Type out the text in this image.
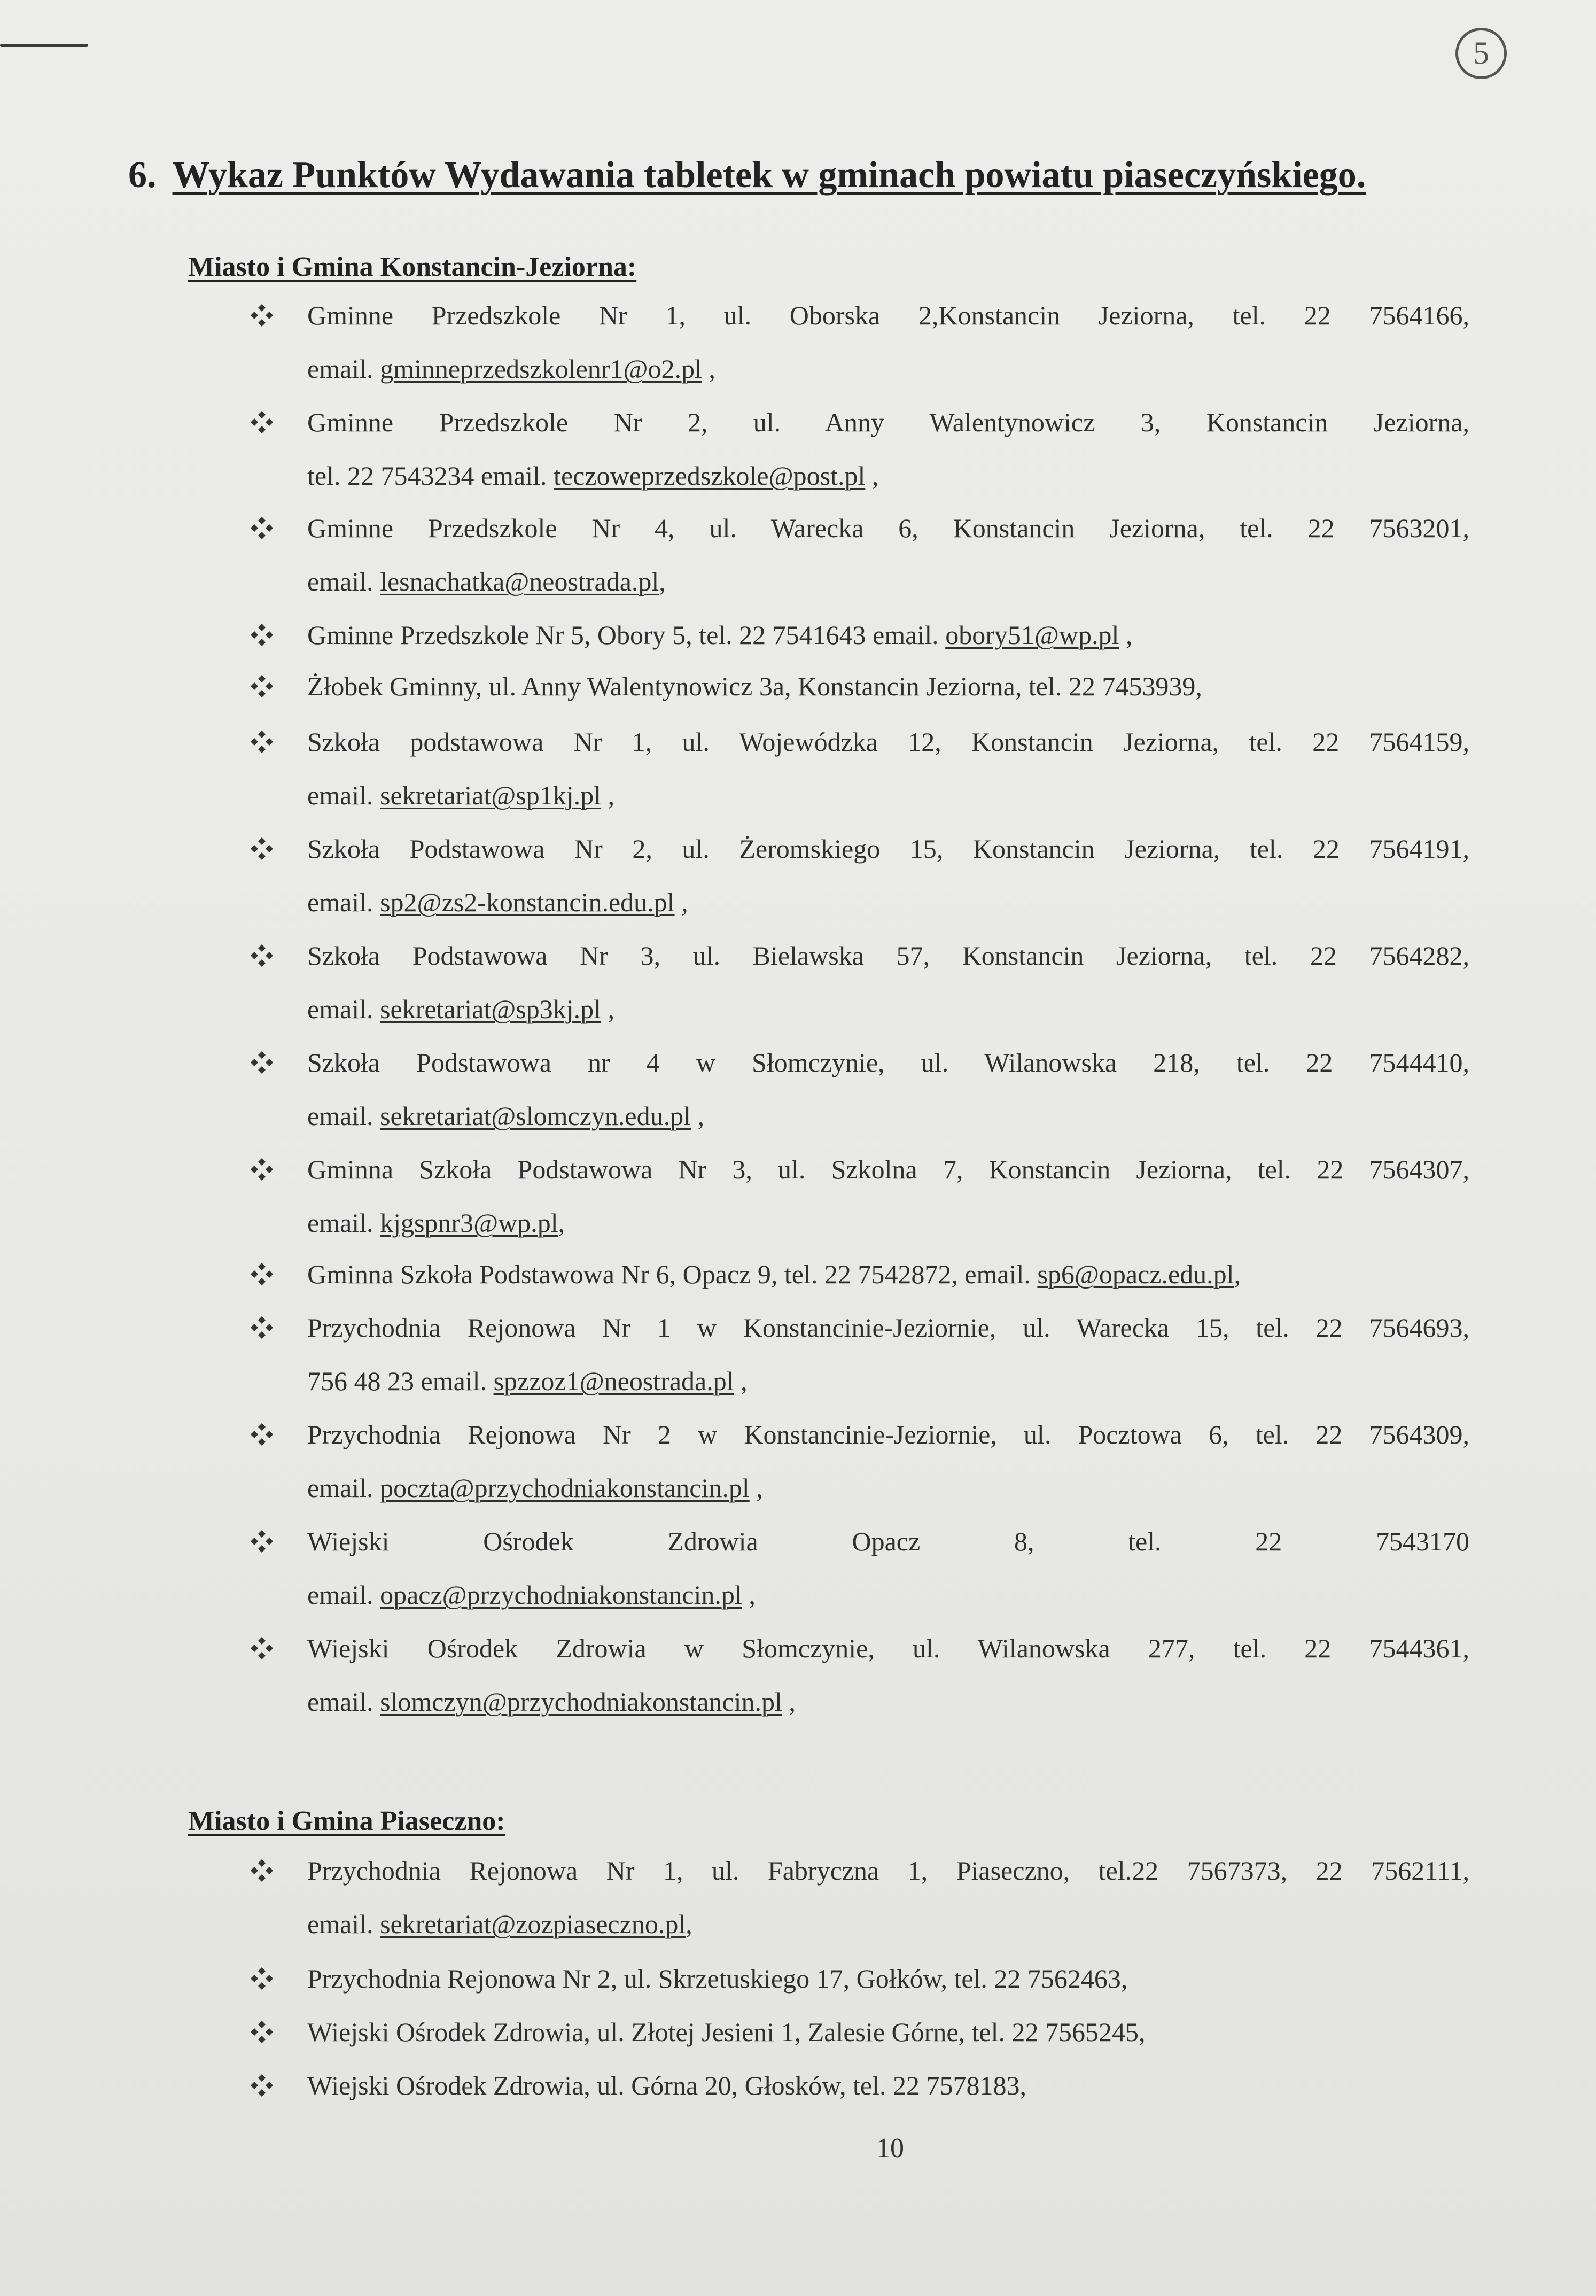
5
6. Wykaz Punktów Wydawania tabletek w gminach powiatu piaseczyńskiego.
Miasto i Gmina Konstancin-Jeziorna:
Gminne Przedszkole Nr 1, ul. Oborska 2,Konstancin Jeziorna, tel. 22 7564166,
email. gminneprzedszkolenr1@o2.pl ,
Gminne Przedszkole Nr 2, ul. Anny Walentynowicz 3, Konstancin Jeziorna,
tel. 22 7543234 email. teczoweprzedszkole@post.pl ,
Gminne Przedszkole Nr 4, ul. Warecka 6, Konstancin Jeziorna, tel. 22 7563201,
email. lesnachatka@neostrada.pl,
Gminne Przedszkole Nr 5, Obory 5, tel. 22 7541643 email. obory51@wp.pl ,
Żłobek Gminny, ul. Anny Walentynowicz 3a, Konstancin Jeziorna, tel. 22 7453939,
Szkoła podstawowa Nr 1, ul. Wojewódzka 12, Konstancin Jeziorna, tel. 22 7564159,
email. sekretariat@sp1kj.pl ,
Szkoła Podstawowa Nr 2, ul. Żeromskiego 15, Konstancin Jeziorna, tel. 22 7564191,
email. sp2@zs2-konstancin.edu.pl ,
Szkoła Podstawowa Nr 3, ul. Bielawska 57, Konstancin Jeziorna, tel. 22 7564282,
email. sekretariat@sp3kj.pl ,
Szkoła Podstawowa nr 4 w Słomczynie, ul. Wilanowska 218, tel. 22 7544410,
email. sekretariat@slomczyn.edu.pl ,
Gminna Szkoła Podstawowa Nr 3, ul. Szkolna 7, Konstancin Jeziorna, tel. 22 7564307,
email. kjgspnr3@wp.pl,
Gminna Szkoła Podstawowa Nr 6, Opacz 9, tel. 22 7542872, email. sp6@opacz.edu.pl,
Przychodnia Rejonowa Nr 1 w Konstancinie-Jeziornie, ul. Warecka 15, tel. 22 7564693,
756 48 23 email. spzzoz1@neostrada.pl ,
Przychodnia Rejonowa Nr 2 w Konstancinie-Jeziornie, ul. Pocztowa 6, tel. 22 7564309,
email. poczta@przychodniakonstancin.pl ,
Wiejski Ośrodek Zdrowia Opacz 8, tel. 22 7543170
email. opacz@przychodniakonstancin.pl ,
Wiejski Ośrodek Zdrowia w Słomczynie, ul. Wilanowska 277, tel. 22 7544361,
email. slomczyn@przychodniakonstancin.pl ,
Miasto i Gmina Piaseczno:
Przychodnia Rejonowa Nr 1, ul. Fabryczna 1, Piaseczno, tel.22 7567373, 22 7562111,
email. sekretariat@zozpiaseczno.pl,
Przychodnia Rejonowa Nr 2, ul. Skrzetuskiego 17, Gołków, tel. 22 7562463,
Wiejski Ośrodek Zdrowia, ul. Złotej Jesieni 1, Zalesie Górne, tel. 22 7565245,
Wiejski Ośrodek Zdrowia, ul. Górna 20, Głosków, tel. 22 7578183,
10
